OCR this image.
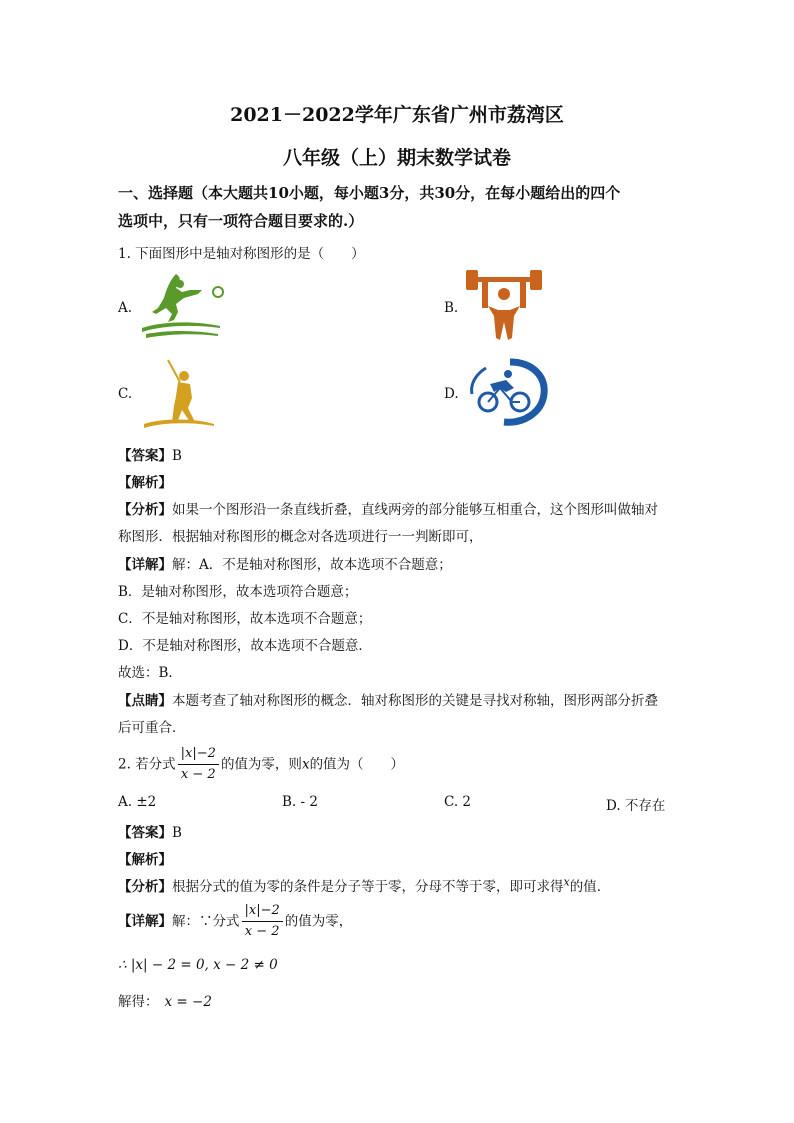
2021－2022学年广东省广州市荔湾区
八年级（上）期末数学试卷
一、选择题（本大题共10小题，每小题3分，共30分，在每小题给出的四个
选项中，只有一项符合题目要求的.）
1. 下面图形中是轴对称图形的是（　　）
A.	B.
C.	D.
【答案】B
【解析】
【分析】如果一个图形沿一条直线折叠，直线两旁的部分能够互相重合，这个图形叫做轴对
称图形．根据轴对称图形的概念对各选项进行一一判断即可，
【详解】解：A．不是轴对称图形，故本选项不合题意；
B．是轴对称图形，故本选项符合题意；
C．不是轴对称图形，故本选项不合题意；
D．不是轴对称图形，故本选项不合题意．
故选：B．
【点睛】本题考查了轴对称图形的概念．轴对称图形的关键是寻找对称轴，图形两部分折叠
后可重合．
2. 若分式 $\frac{|x|-2}{x - 2}$ 的值为零，则x的值为（　　）
A. ±2	B. - 2	C. 2	D. 不存在
【答案】B
【解析】
【分析】根据分式的值为零的条件是分子等于零，分母不等于零，即可求得$^x$的值．
【详解】解：∵分式 $\frac{|x|-2}{x - 2}$ 的值为零，
∴ |x| − 2 = 0, x − 2 ≠ 0
解得： x = −2
